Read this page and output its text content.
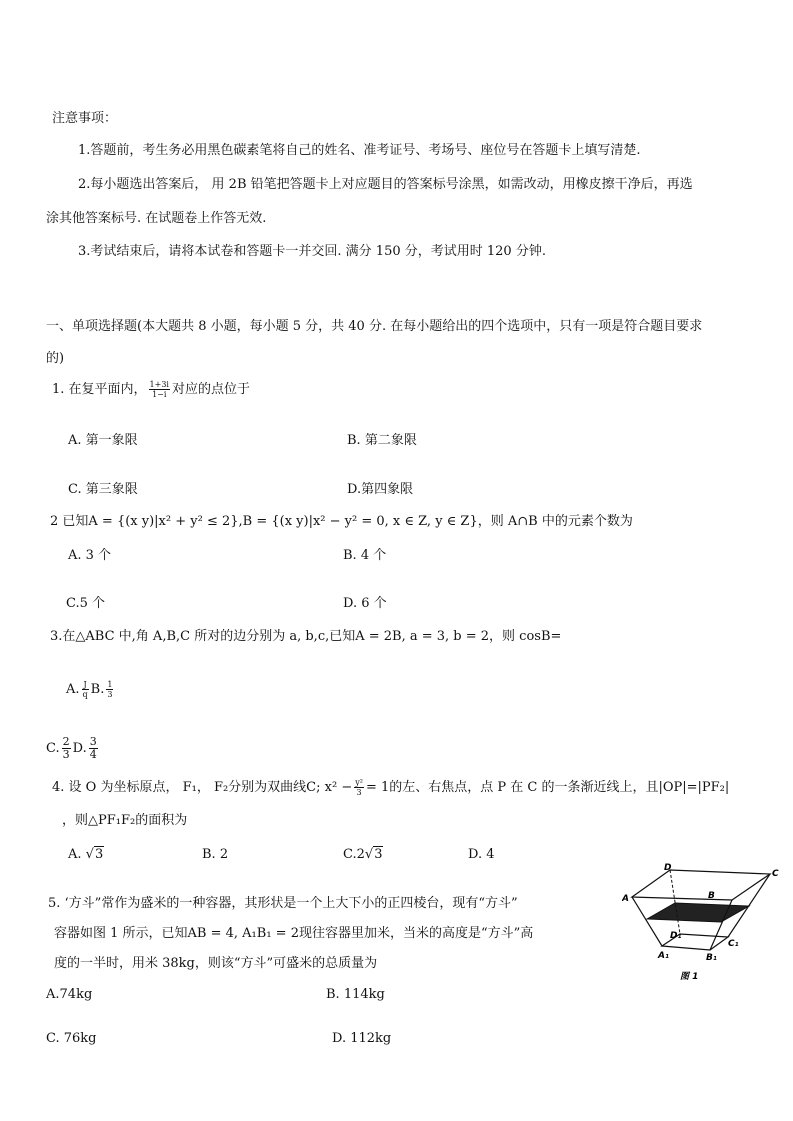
注意事项：
1.答题前，考生务必用黑色碳素笔将自己的姓名、准考证号、考场号、座位号在答题卡上填写清楚.
2.每小题选出答案后， 用 2B 铅笔把答题卡上对应题目的答案标号涂黑，如需改动，用橡皮擦干净后，再选
涂其他答案标号. 在试题卷上作答无效.
3.考试结束后，请将本试卷和答题卡一并交回. 满分 150 分，考试用时 120 分钟.
一、单项选择题(本大题共 8 小题，每小题 5 分，共 40 分. 在每小题给出的四个选项中，只有一项是符合题目要求
的)
1. 在复平面内， $\frac{1+3i}{1-i}$ 对应的点位于
A. 第一象限	B. 第二象限
C. 第三象限	D.第四象限
2 已知A = {(x y)|x² + y² ≤ 2},B = {(x y)|x² − y² = 0, x ∈ Z, y ∈ Z}，则 A∩B 中的元素个数为
A. 3 个	B. 4 个
C.5 个	D. 6 个
3.在△ABC 中,角 A,B,C 所对的边分别为 a, b,c,已知A = 2B, a = 3, b = 2，则 cosB=
A. $\frac{J}{q} B$. $\frac{1}{3}$
C. $\frac{2}{3} D$. $\frac{3}{4}$
4. 设 O 为坐标原点， F₁， F₂分别为双曲线C; $x^2 - \frac{\text{y²}}{3} = 1$的左、右焦点，点 P 在 C 的一条渐近线上，且|OP|=|PF₂|
，则△PF₁F₂的面积为
A. √3	B. 2	C.2√3	D. 4
5. ‘方斗”常作为盛米的一种容器，其形状是一个上大下小的正四棱台，现有“方斗”
容器如图 1 所示，已知AB = 4, A₁B₁ = 2现往容器里加米，当米的高度是“方斗”高
度的一半时，用米 38kg，则该“方斗”可盛米的总质量为
A.74kg	B. 114kg
C. 76kg	D. 112kg
A
D
C
B
D₁
C₁
A₁	B₁
图 1
